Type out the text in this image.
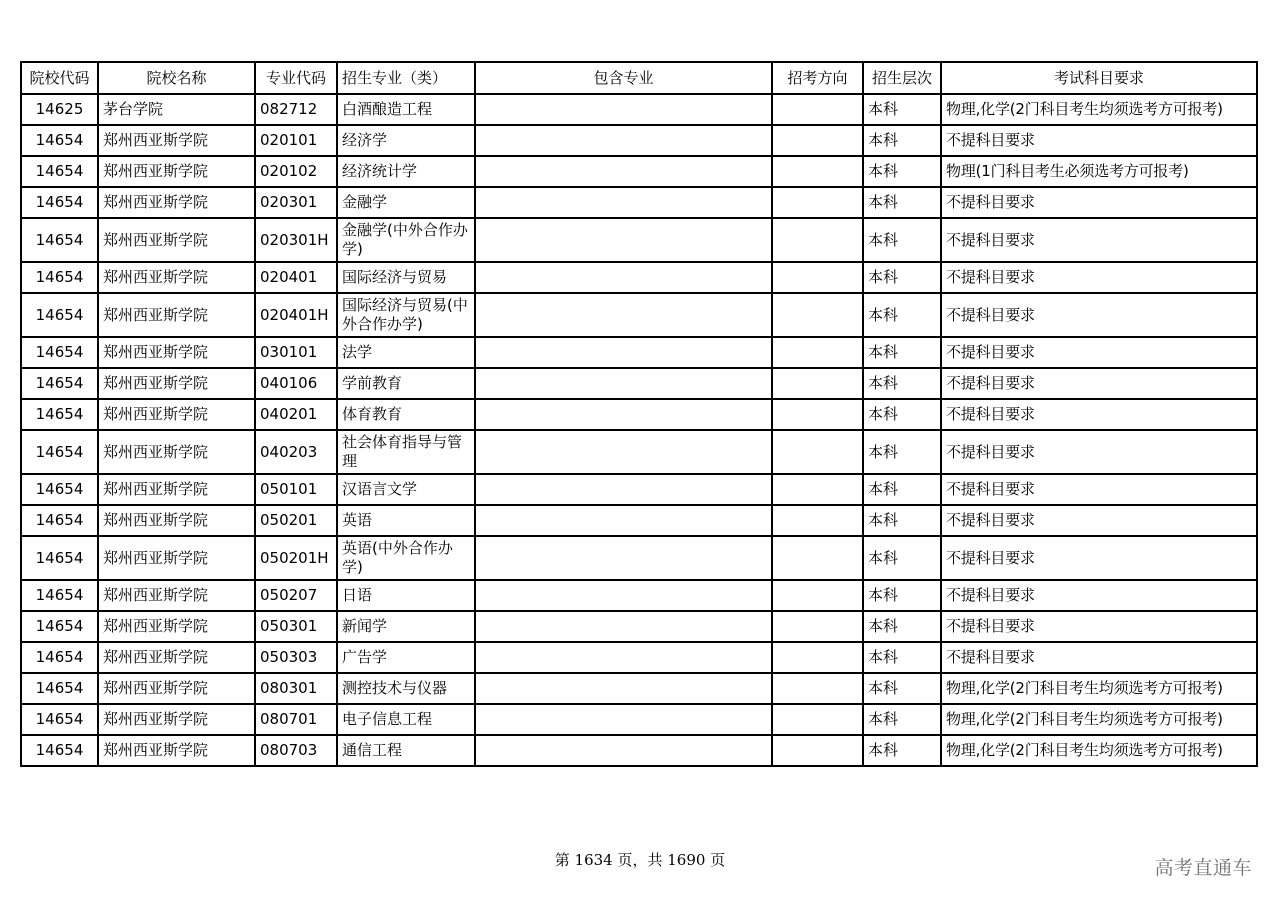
院校代码	院校名称	专业代码	招生专业（类）	包含专业	招考方向	招生层次	考试科目要求
14625	茅台学院	082712	白酒酿造工程			本科	物理,化学(2门科目考生均须选考方可报考)
14654	郑州西亚斯学院	020101	经济学			本科	不提科目要求
14654	郑州西亚斯学院	020102	经济统计学			本科	物理(1门科目考生必须选考方可报考)
14654	郑州西亚斯学院	020301	金融学			本科	不提科目要求
14654	郑州西亚斯学院	020301H	金融学(中外合作办学)			本科	不提科目要求
14654	郑州西亚斯学院	020401	国际经济与贸易			本科	不提科目要求
14654	郑州西亚斯学院	020401H	国际经济与贸易(中外合作办学)			本科	不提科目要求
14654	郑州西亚斯学院	030101	法学			本科	不提科目要求
14654	郑州西亚斯学院	040106	学前教育			本科	不提科目要求
14654	郑州西亚斯学院	040201	体育教育			本科	不提科目要求
14654	郑州西亚斯学院	040203	社会体育指导与管理			本科	不提科目要求
14654	郑州西亚斯学院	050101	汉语言文学			本科	不提科目要求
14654	郑州西亚斯学院	050201	英语			本科	不提科目要求
14654	郑州西亚斯学院	050201H	英语(中外合作办学)			本科	不提科目要求
14654	郑州西亚斯学院	050207	日语			本科	不提科目要求
14654	郑州西亚斯学院	050301	新闻学			本科	不提科目要求
14654	郑州西亚斯学院	050303	广告学			本科	不提科目要求
14654	郑州西亚斯学院	080301	测控技术与仪器			本科	物理,化学(2门科目考生均须选考方可报考)
14654	郑州西亚斯学院	080701	电子信息工程			本科	物理,化学(2门科目考生均须选考方可报考)
14654	郑州西亚斯学院	080703	通信工程			本科	物理,化学(2门科目考生均须选考方可报考)
第 1634 页，共 1690 页	高考直通车
